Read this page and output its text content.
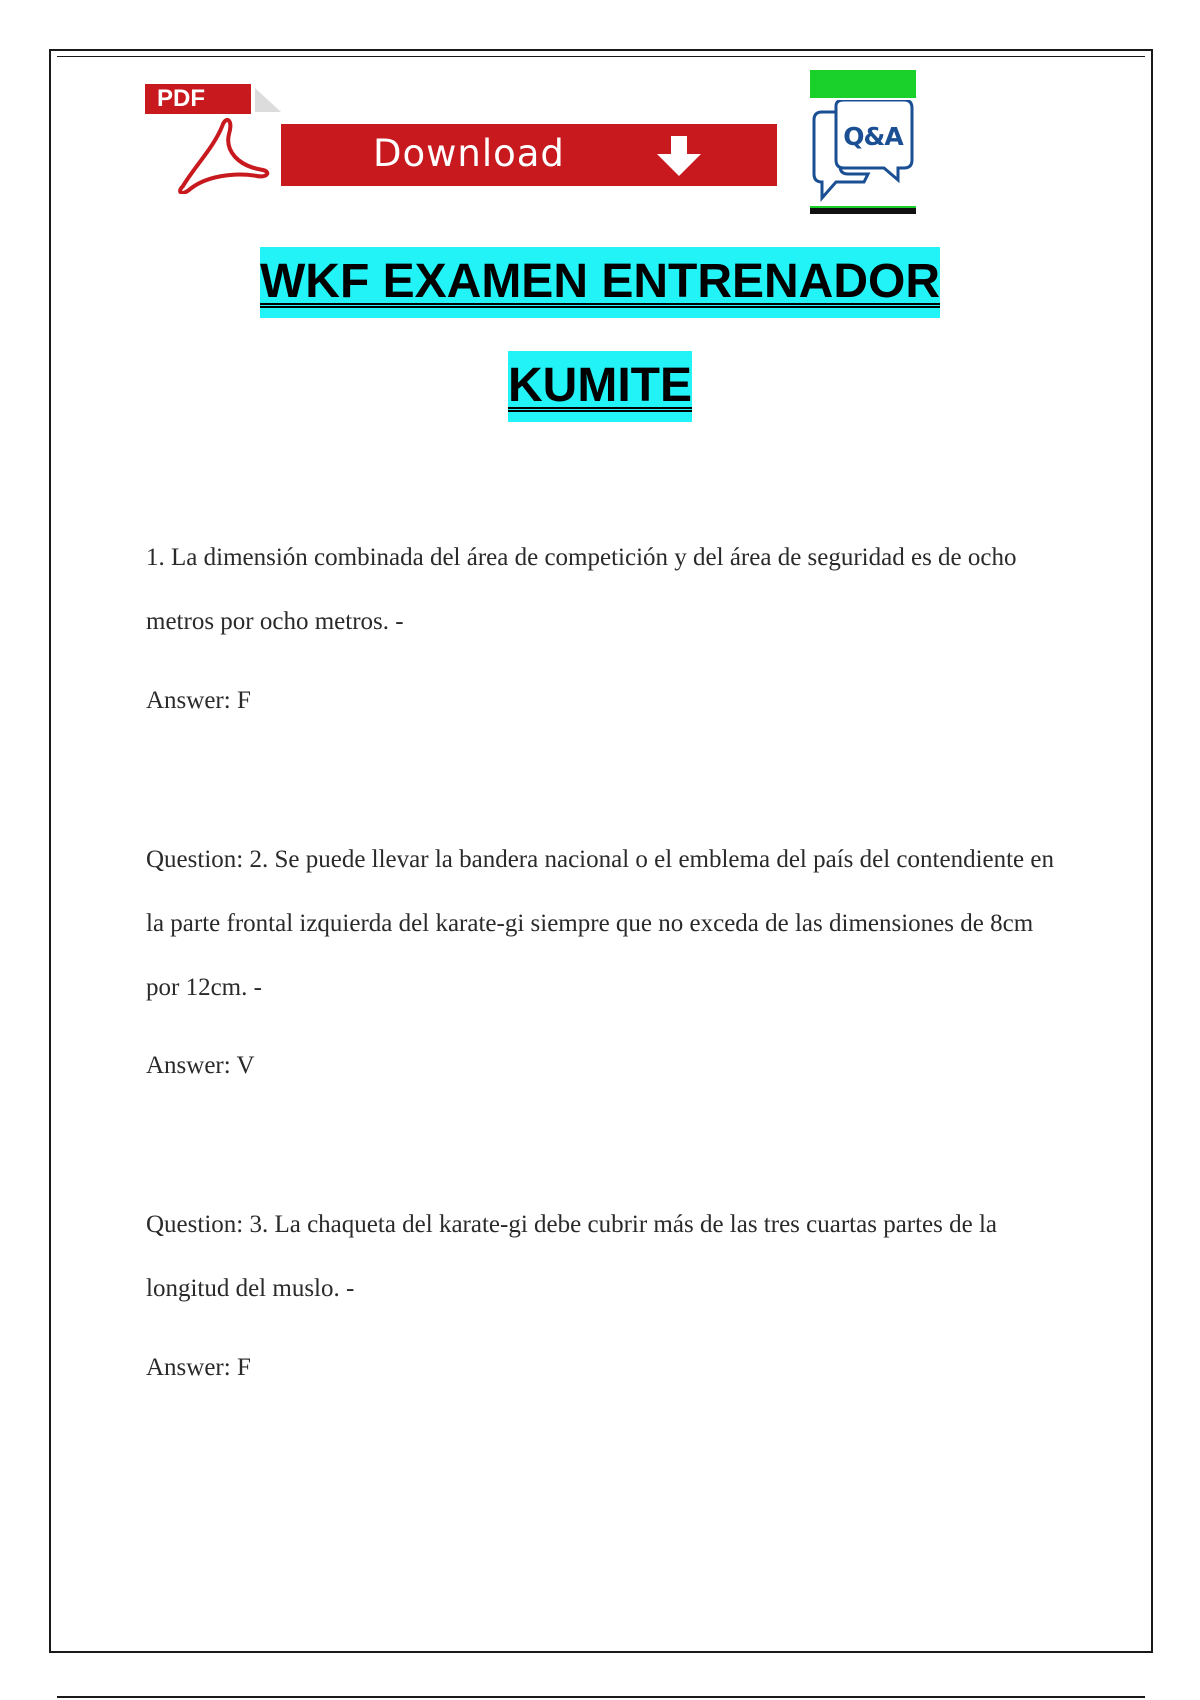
PDF
Download	Q&A
WKF EXAMEN ENTRENADOR
KUMITE

1. La dimensión combinada del área de competición y del área de seguridad es de ocho metros por ocho metros. -

Answer: F

Question: 2. Se puede llevar la bandera nacional o el emblema del país del contendiente en la parte frontal izquierda del karate-gi siempre que no exceda de las dimensiones de 8cm por 12cm. -

Answer: V

Question: 3. La chaqueta del karate-gi debe cubrir más de las tres cuartas partes de la longitud del muslo. -

Answer: F
